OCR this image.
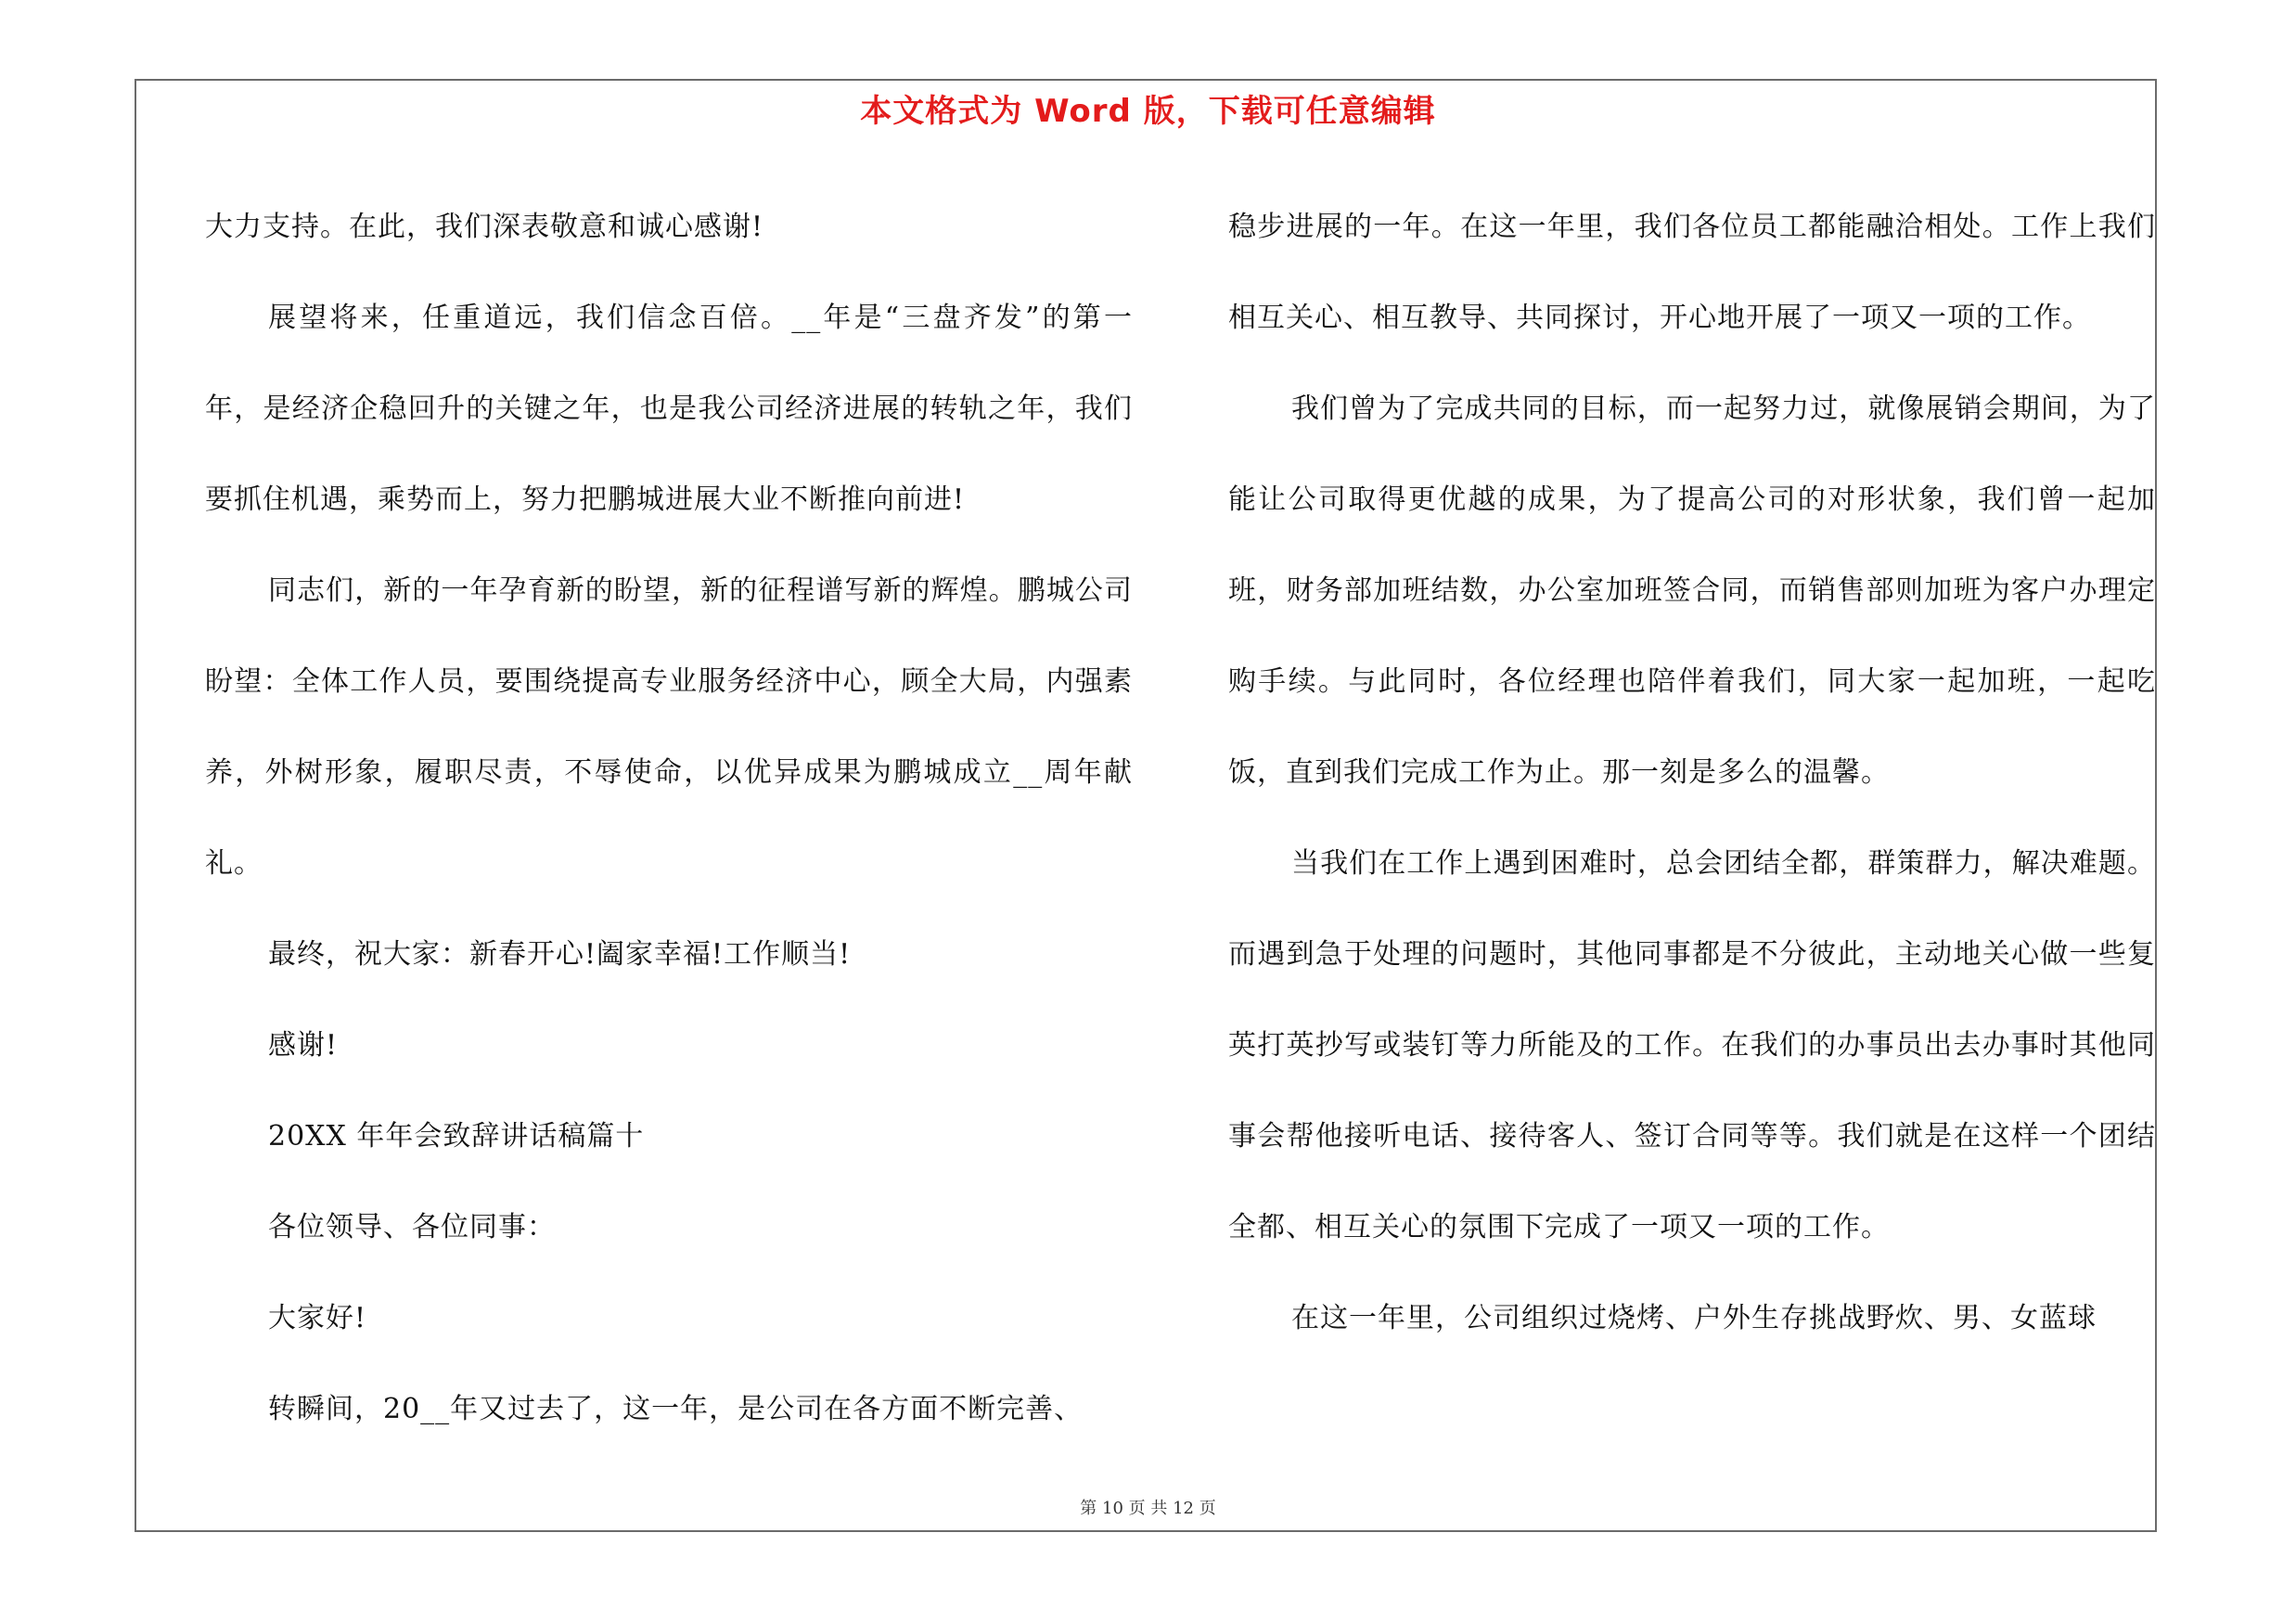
本文格式为 Word 版，下载可任意编辑

大力支持。在此，我们深表敬意和诚心感谢!

展望将来，任重道远，我们信念百倍。__年是“三盘齐发”的第一年，是经济企稳回升的关键之年，也是我公司经济进展的转轨之年，我们要抓住机遇，乘势而上，努力把鹏城进展大业不断推向前进!

同志们，新的一年孕育新的盼望，新的征程谱写新的辉煌。鹏城公司盼望：全体工作人员，要围绕提高专业服务经济中心，顾全大局，内强素养，外树形象，履职尽责，不辱使命，以优异成果为鹏城成立__周年献礼。

最终，祝大家：新春开心!阖家幸福!工作顺当!

感谢!

20XX 年年会致辞讲话稿篇十

各位领导、各位同事：

大家好!

转瞬间，20__年又过去了，这一年，是公司在各方面不断完善、

稳步进展的一年。在这一年里，我们各位员工都能融洽相处。工作上我们相互关心、相互教导、共同探讨，开心地开展了一项又一项的工作。

我们曾为了完成共同的目标，而一起努力过，就像展销会期间，为了能让公司取得更优越的成果，为了提高公司的对形状象，我们曾一起加班，财务部加班结数，办公室加班签合同，而销售部则加班为客户办理定购手续。与此同时，各位经理也陪伴着我们，同大家一起加班，一起吃饭，直到我们完成工作为止。那一刻是多么的温馨。

当我们在工作上遇到困难时，总会团结全都，群策群力，解决难题。而遇到急于处理的问题时，其他同事都是不分彼此，主动地关心做一些复英打英抄写或装钉等力所能及的工作。在我们的办事员出去办事时其他同事会帮他接听电话、接待客人、签订合同等等。我们就是在这样一个团结全都、相互关心的氛围下完成了一项又一项的工作。

在这一年里，公司组织过烧烤、户外生存挑战野炊、男、女蓝球

第 10 页 共 12 页
